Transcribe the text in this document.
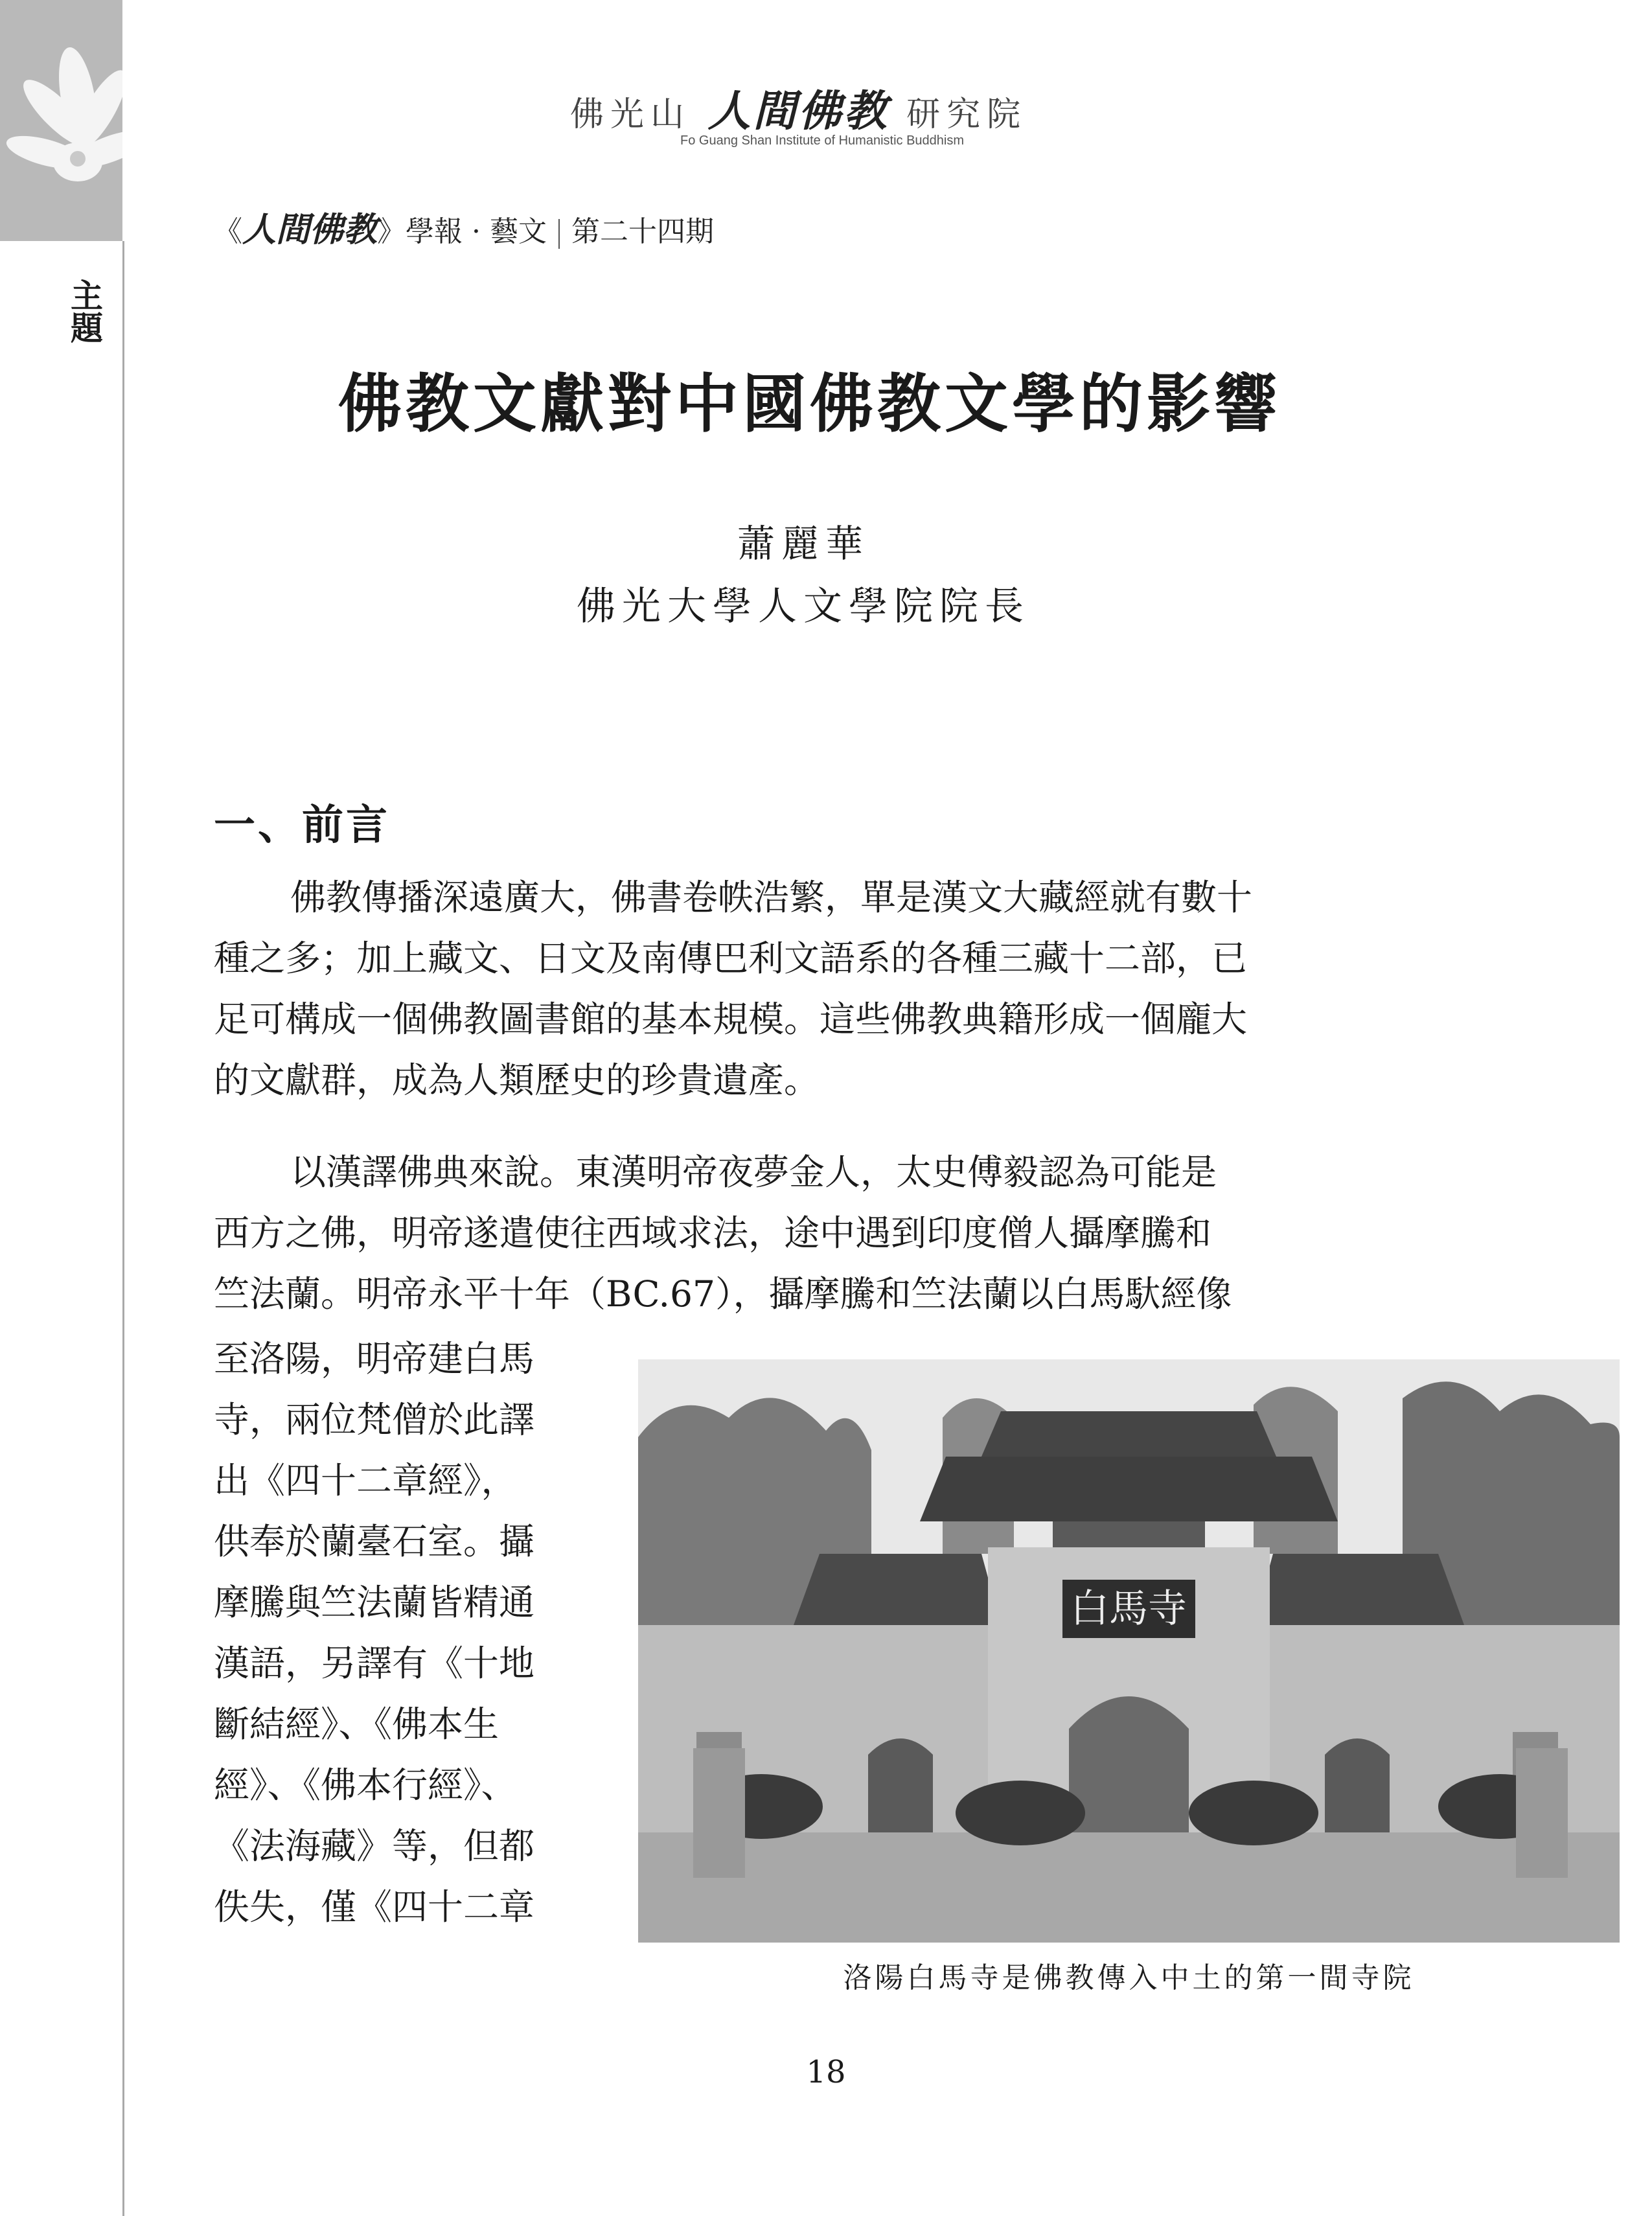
主題
佛光山 人間佛教 研究院
Fo Guang Shan Institute of Humanistic Buddhism
《人間佛教》學報 · 藝文 第二十四期
佛教文獻對中國佛教文學的影響
蕭麗華
佛光大學人文學院院長
一、前言

佛教傳播深遠廣大，佛書卷帙浩繁，單是漢文大藏經就有數十
種之多；加上藏文、日文及南傳巴利文語系的各種三藏十二部，已
足可構成一個佛教圖書館的基本規模。這些佛教典籍形成一個龐大
的文獻群，成為人類歷史的珍貴遺產。

以漢譯佛典來說。東漢明帝夜夢金人，太史傅毅認為可能是
西方之佛，明帝遂遣使往西域求法，途中遇到印度僧人攝摩騰和
竺法蘭。明帝永平十年（BC.67），攝摩騰和竺法蘭以白馬馱經像

至洛陽，明帝建白馬
寺，兩位梵僧於此譯
出《四十二章經》，
供奉於蘭臺石室。攝
摩騰與竺法蘭皆精通
漢語，另譯有《十地
斷結經》、《佛本生
經》、《佛本行經》、
《法海藏》等，但都
佚失，僅《四十二章
白馬寺
洛陽白馬寺是佛教傳入中土的第一間寺院
18
